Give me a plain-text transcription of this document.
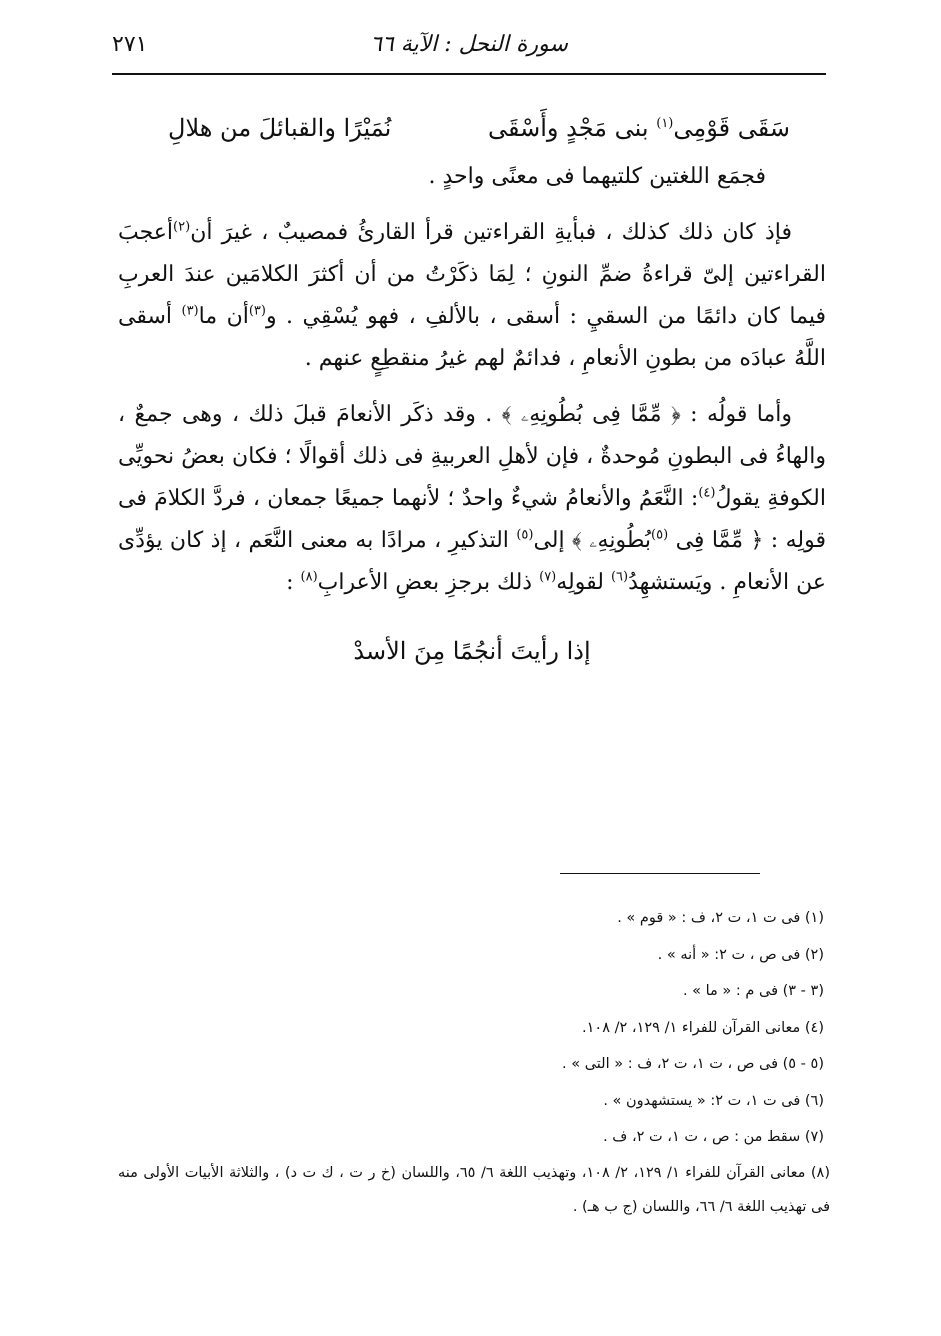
سورة النحل : الآية ٦٦
٢٧١
سَقَى قَوْمِى$^{(١)}$ بنى مَجْدٍ وأَسْقَى
نُمَيْرًا والقبائلَ من هلالِ

فجمَع اللغتين كلتيهما فى معنًى واحدٍ .

فإذ كان ذلك كذلك ، فبأيةِ القراءتين قرأ القارئُ فمصيبٌ ، غيرَ أن$^{(٢)}$أعجبَ القراءتين إلىّ قراءةُ ضمِّ النونِ ؛ لِمَا ذكَرْتُ من أن أكثرَ الكلامَين عندَ العربِ فيما كان دائمًا من السقيِ : أسقى ، بالألفِ ، فهو يُسْقِي . و$^{(٣)}$أن ما$^{(٣)}$ أسقى اللَّهُ عبادَه من بطونِ الأنعامِ ، فدائمٌ لهم غيرُ منقطِعٍ عنهم .

وأما قولُه : ﴿ مِّمَّا فِى بُطُونِهِۦ ﴾ . وقد ذكَر الأنعامَ قبلَ ذلك ، وهى جمعٌ ، والهاءُ فى البطونِ مُوحدةٌ ، فإن لأهلِ العربيةِ فى ذلك أقوالًا ؛ فكان بعضُ نحويِّى الكوفةِ يقولُ$^{(٤)}$: النَّعَمُ والأنعامُ شيءٌ واحدٌ ؛ لأنهما جميعًا جمعان ، فردَّ الكلامَ فى قولِه : ﴿ مِّمَّا فِى $^{(٥)}$بُطُونِهِۦ ﴾ إلى$^{(٥)}$ التذكيرِ ، مرادًا به معنى النَّعَم ، إذ كان يؤدِّى عن الأنعامِ . ويَستشهِدُ$^{(٦)}$ لقولِه$^{(٧)}$ ذلك برجزِ بعضِ الأعرابِ$^{(٨)}$ :

إذا رأيتَ أنجُمًا مِنَ الأسدْ

(١) فى ت ١، ت ٢، ف : « قوم » .

(٢) فى ص ، ت ٢: « أنه » .

(٣ - ٣) فى م : « ما » .

(٤) معانى القرآن للفراء ١/ ١٢٩، ٢/ ١٠٨.

(٥ - ٥) فى ص ، ت ١، ت ٢، ف : « التى » .

(٦) فى ت ١، ت ٢: « يستشهدون » .

(٧) سقط من : ص ، ت ١، ت ٢، ف .

(٨) معانى القرآن للفراء ١/ ١٢٩، ٢/ ١٠٨، وتهذيب اللغة ٦/ ٦٥، واللسان (خ ر ت ، ك ت د) ، والثلاثة الأبيات الأولى منه فى تهذيب اللغة ٦/ ٦٦، واللسان (ج ب هـ) .
